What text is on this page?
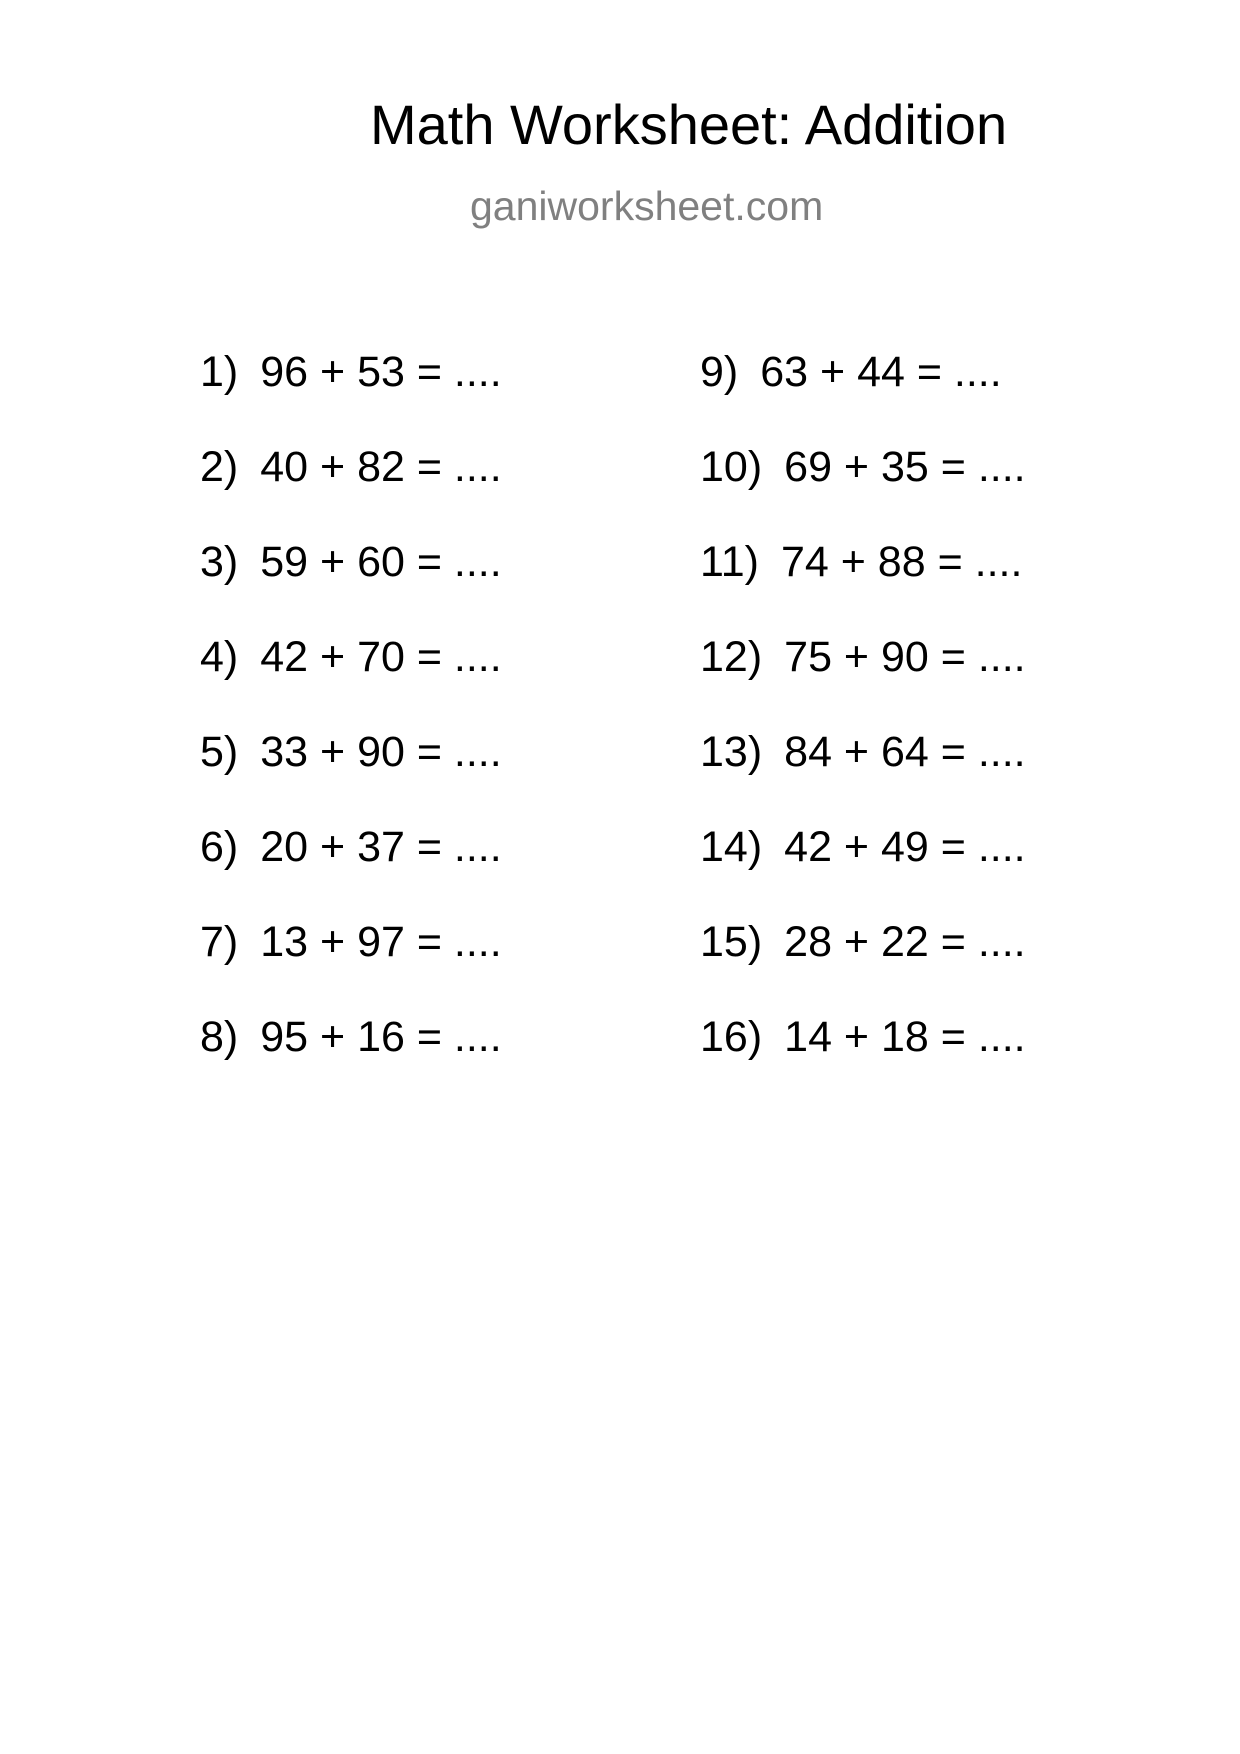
Math Worksheet: Addition
ganiworksheet.com
1) 96 + 53 = ....
2) 40 + 82 = ....
3) 59 + 60 = ....
4) 42 + 70 = ....
5) 33 + 90 = ....
6) 20 + 37 = ....
7) 13 + 97 = ....
8) 95 + 16 = ....
9) 63 + 44 = ....
10) 69 + 35 = ....
11) 74 + 88 = ....
12) 75 + 90 = ....
13) 84 + 64 = ....
14) 42 + 49 = ....
15) 28 + 22 = ....
16) 14 + 18 = ....
